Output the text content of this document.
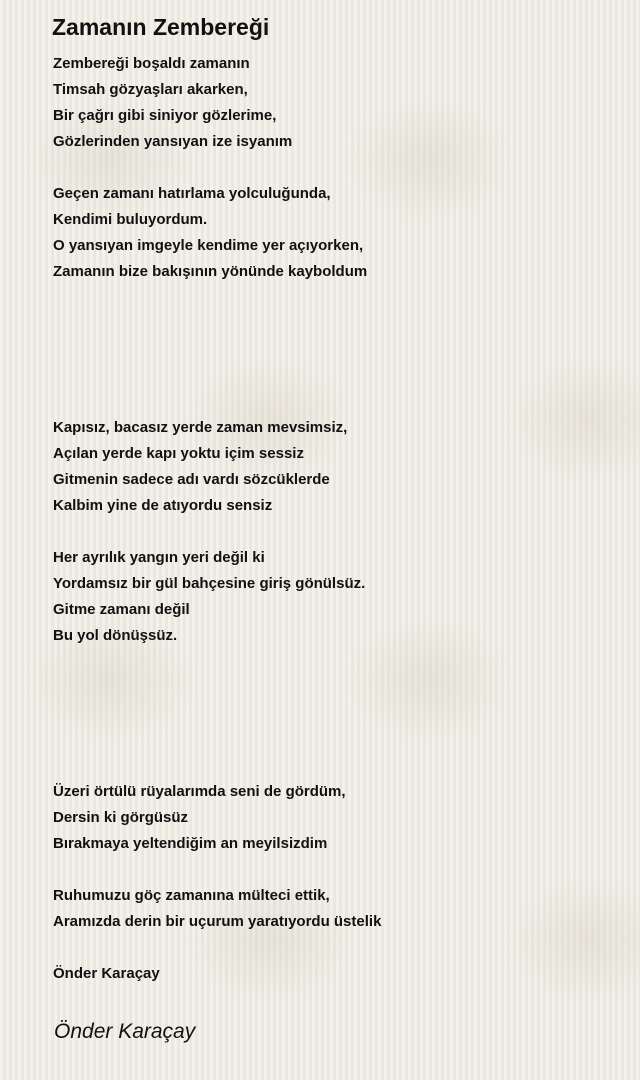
Zamanın Zembereği
Zembereği boşaldı zamanın
Timsah gözyaşları akarken,
Bir çağrı gibi siniyor gözlerime,
Gözlerinden yansıyan ize isyanım
Geçen zamanı hatırlama yolculuğunda,
Kendimi buluyordum.
O yansıyan imgeyle kendime yer açıyorken,
Zamanın bize bakışının yönünde kayboldum
Kapısız, bacasız yerde zaman mevsimsiz,
Açılan yerde kapı yoktu içim sessiz
Gitmenin sadece adı vardı sözcüklerde
Kalbim yine de atıyordu sensiz
Her ayrılık yangın yeri değil ki
Yordamsız bir gül bahçesine giriş gönülsüz.
Gitme zamanı değil
Bu yol dönüşsüz.
Üzeri örtülü rüyalarımda seni de gördüm,
Dersin ki görgüsüz
Bırakmaya yeltendiğim an meyilsizdim
Ruhumuzu göç zamanına mülteci ettik,
Aramızda derin bir uçurum yaratıyordu üstelik
Önder Karaçay
Önder Karaçay
